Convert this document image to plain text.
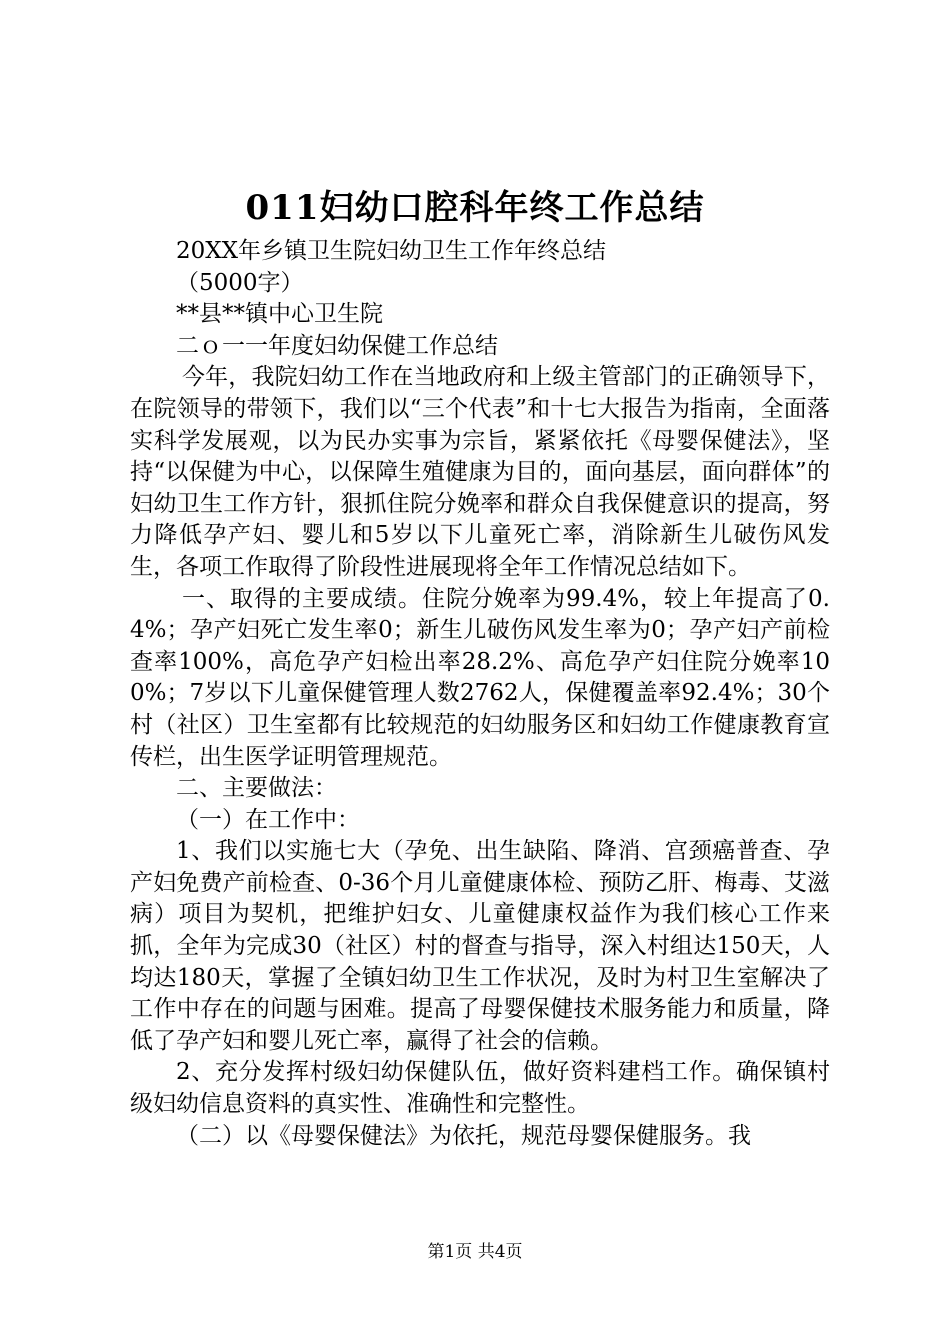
011妇幼口腔科年终工作总结

20XX年乡镇卫生院妇幼卫生工作年终总结

（5000字）

**县**镇中心卫生院

二ｏ一一年度妇幼保健工作总结

今年，我院妇幼工作在当地政府和上级主管部门的正确领导下，在院领导的带领下，我们以“三个代表”和十七大报告为指南，全面落实科学发展观，以为民办实事为宗旨，紧紧依托《母婴保健法》，坚持“以保健为中心，以保障生殖健康为目的，面向基层，面向群体”的妇幼卫生工作方针，狠抓住院分娩率和群众自我保健意识的提高，努力降低孕产妇、婴儿和5岁以下儿童死亡率，消除新生儿破伤风发生，各项工作取得了阶段性进展现将全年工作情况总结如下。

一、取得的主要成绩。住院分娩率为99.4%，较上年提高了0.4%；孕产妇死亡发生率0；新生儿破伤风发生率为0；孕产妇产前检查率100%，高危孕产妇检出率28.2%、高危孕产妇住院分娩率100%；7岁以下儿童保健管理人数2762人，保健覆盖率92.4%；30个村（社区）卫生室都有比较规范的妇幼服务区和妇幼工作健康教育宣传栏，出生医学证明管理规范。

二、主要做法：

（一）在工作中：

1、我们以实施七大（孕免、出生缺陷、降消、宫颈癌普查、孕产妇免费产前检查、0-36个月儿童健康体检、预防乙肝、梅毒、艾滋病）项目为契机，把维护妇女、儿童健康权益作为我们核心工作来抓，全年为完成30（社区）村的督查与指导，深入村组达150天，人均达180天，掌握了全镇妇幼卫生工作状况，及时为村卫生室解决了工作中存在的问题与困难。提高了母婴保健技术服务能力和质量，降低了孕产妇和婴儿死亡率，赢得了社会的信赖。

2、充分发挥村级妇幼保健队伍，做好资料建档工作。确保镇村级妇幼信息资料的真实性、准确性和完整性。

（二）以《母婴保健法》为依托，规范母婴保健服务。我

第1页 共4页
